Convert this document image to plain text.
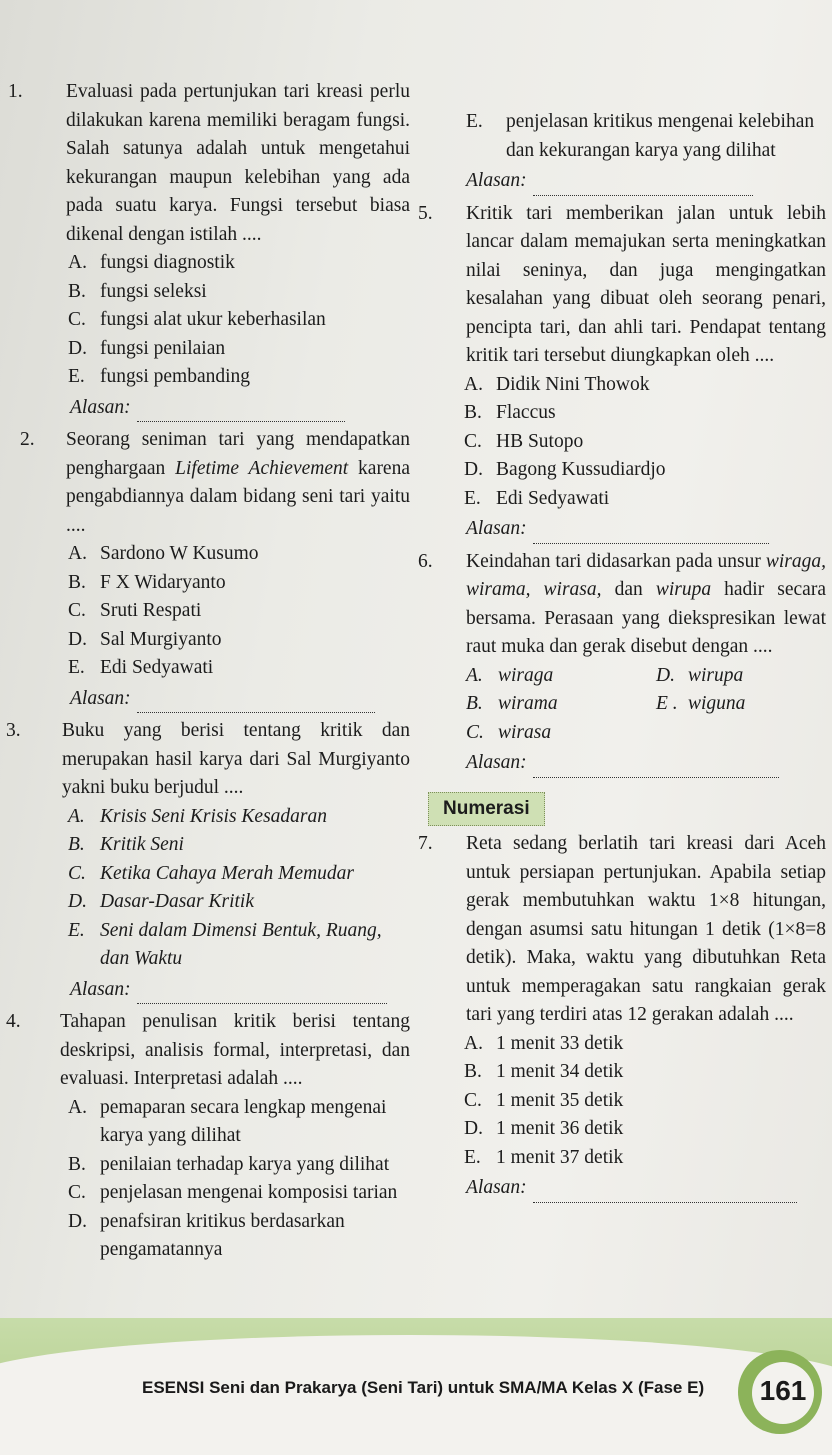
1. Evaluasi pada pertunjukan tari kreasi perlu dilakukan karena memiliki beragam fungsi. Salah satunya adalah untuk mengetahui kekurangan maupun kelebihan yang ada pada suatu karya. Fungsi tersebut biasa dikenal dengan istilah ....
A. fungsi diagnostik
B. fungsi seleksi
C. fungsi alat ukur keberhasilan
D. fungsi penilaian
E. fungsi pembanding
Alasan:
2. Seorang seniman tari yang mendapatkan penghargaan Lifetime Achievement karena pengabdiannya dalam bidang seni tari yaitu ....
A. Sardono W Kusumo
B. F X Widaryanto
C. Sruti Respati
D. Sal Murgiyanto
E. Edi Sedyawati
Alasan:
3. Buku yang berisi tentang kritik dan merupakan hasil karya dari Sal Murgiyanto yakni buku berjudul ....
A. Krisis Seni Krisis Kesadaran
B. Kritik Seni
C. Ketika Cahaya Merah Memudar
D. Dasar-Dasar Kritik
E. Seni dalam Dimensi Bentuk, Ruang, dan Waktu
Alasan:
4. Tahapan penulisan kritik berisi tentang deskripsi, analisis formal, interpretasi, dan evaluasi. Interpretasi adalah ....
A. pemaparan secara lengkap mengenai karya yang dilihat
B. penilaian terhadap karya yang dilihat
C. penjelasan mengenai komposisi tarian
D. penafsiran kritikus berdasarkan pengamatannya
E. penjelasan kritikus mengenai kelebihan dan kekurangan karya yang dilihat
Alasan:
5. Kritik tari memberikan jalan untuk lebih lancar dalam memajukan serta meningkatkan nilai seninya, dan juga mengingatkan kesalahan yang dibuat oleh seorang penari, pencipta tari, dan ahli tari. Pendapat tentang kritik tari tersebut diungkapkan oleh ....
A. Didik Nini Thowok
B. Flaccus
C. HB Sutopo
D. Bagong Kussudiardjo
E. Edi Sedyawati
Alasan:
6. Keindahan tari didasarkan pada unsur wiraga, wirama, wirasa, dan wirupa hadir secara bersama. Perasaan yang diekspresikan lewat raut muka dan gerak disebut dengan ....
A. wiraga	D. wirupa
B. wirama	E . wiguna
C. wirasa
Alasan:
Numerasi
7. Reta sedang berlatih tari kreasi dari Aceh untuk persiapan pertunjukan. Apabila setiap gerak membutuhkan waktu 1×8 hitungan, dengan asumsi satu hitungan 1 detik (1×8=8 detik). Maka, waktu yang dibutuhkan Reta untuk memperagakan satu rangkaian gerak tari yang terdiri atas 12 gerakan adalah ....
A. 1 menit 33 detik
B. 1 menit 34 detik
C. 1 menit 35 detik
D. 1 menit 36 detik
E. 1 menit 37 detik
Alasan:
ESENSI Seni dan Prakarya (Seni Tari) untuk SMA/MA Kelas X (Fase E) 161
